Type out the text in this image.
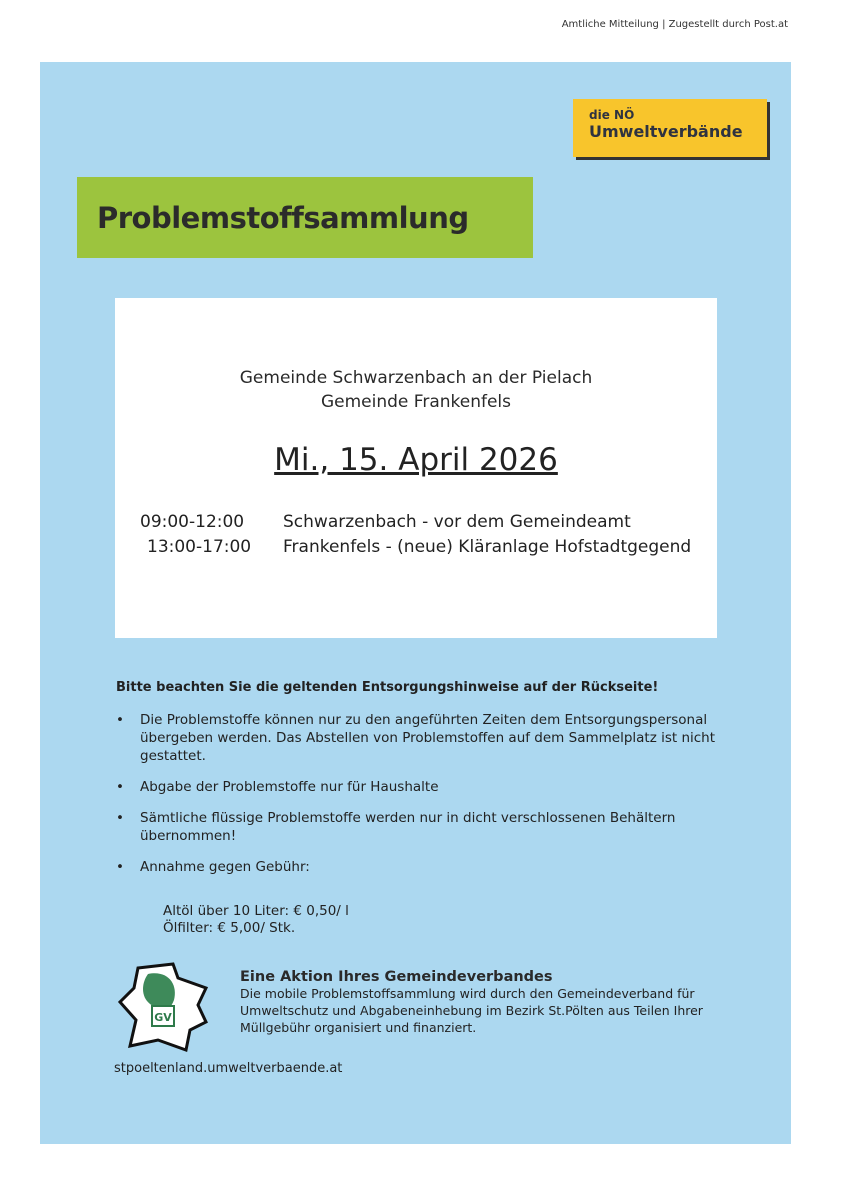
Amtliche Mitteilung | Zugestellt durch Post.at
die NÖ
Umweltverbände
Problemstoffsammlung
Gemeinde Schwarzenbach an der Pielach
Gemeinde Frankenfels
Mi., 15. April 2026
09:00-12:00 Schwarzenbach - vor dem Gemeindeamt
13:00-17:00 Frankenfels - (neue) Kläranlage Hofstadtgegend
Bitte beachten Sie die geltenden Entsorgungshinweise auf der Rückseite!
• Die Problemstoffe können nur zu den angeführten Zeiten dem Entsorgungspersonal übergeben werden. Das Abstellen von Problemstoffen auf dem Sammelplatz ist nicht gestattet.
• Abgabe der Problemstoffe nur für Haushalte
• Sämtliche flüssige Problemstoffe werden nur in dicht verschlossenen Behältern übernommen!
• Annahme gegen Gebühr:
Altöl über 10 Liter: € 0,50/ l
Ölfilter: € 5,00/ Stk.
GV
Eine Aktion Ihres Gemeindeverbandes

Die mobile Problemstoffsammlung wird durch den Gemeindeverband für Umweltschutz und Abgabeneinhebung im Bezirk St.Pölten aus Teilen Ihrer Müllgebühr organisiert und finanziert.

stpoeltenland.umweltverbaende.at
